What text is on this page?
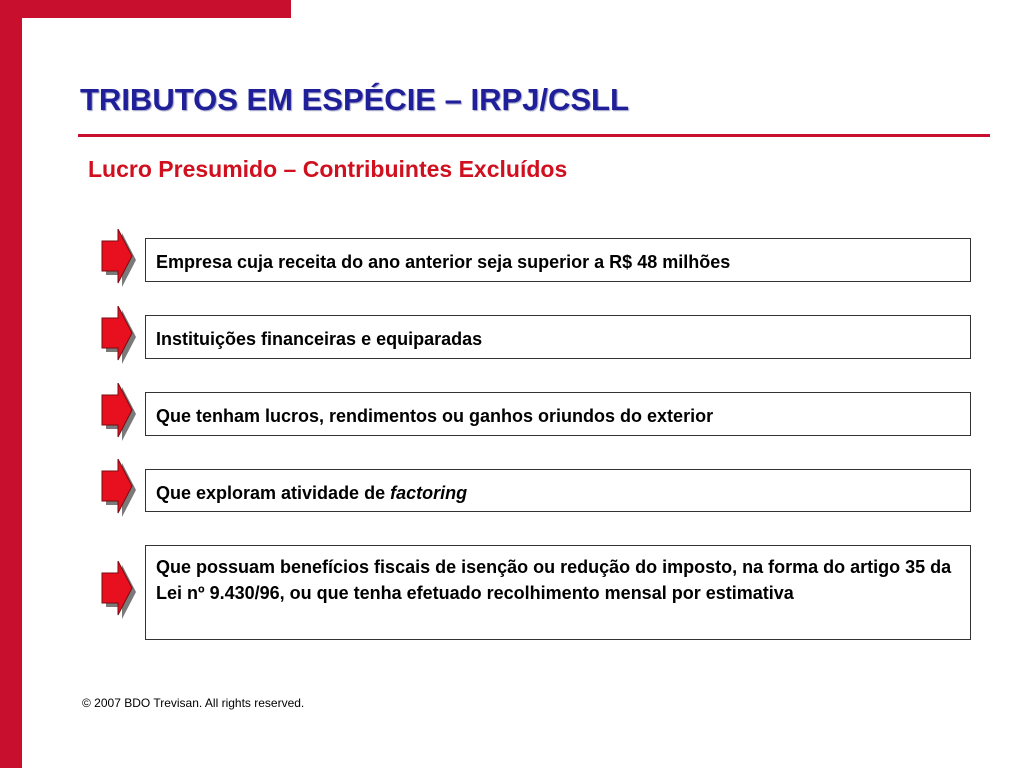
TRIBUTOS EM ESPÉCIE – IRPJ/CSLL
Lucro Presumido – Contribuintes Excluídos
Empresa cuja receita do ano anterior seja superior a R$ 48 milhões
Instituições financeiras e equiparadas
Que tenham lucros, rendimentos ou ganhos oriundos do exterior
Que exploram atividade de factoring
Que possuam benefícios fiscais de isenção ou redução do imposto, na forma do artigo 35 da Lei nº 9.430/96, ou que tenha efetuado recolhimento mensal por estimativa
© 2007 BDO Trevisan. All rights reserved.
